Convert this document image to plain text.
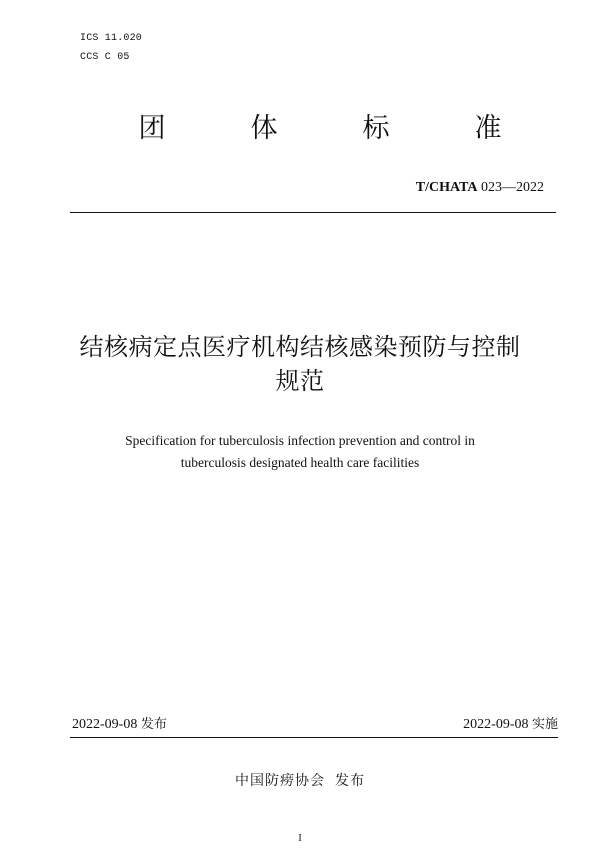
ICS 11.020
CCS C 05
团	体	标	准
T/CHATA 023—2022
结核病定点医疗机构结核感染预防与控制
规范
Specification for tuberculosis infection prevention and control in
tuberculosis designated health care facilities
2022-09-08 发布	2022-09-08 实施
中国防痨协会 发布
I
